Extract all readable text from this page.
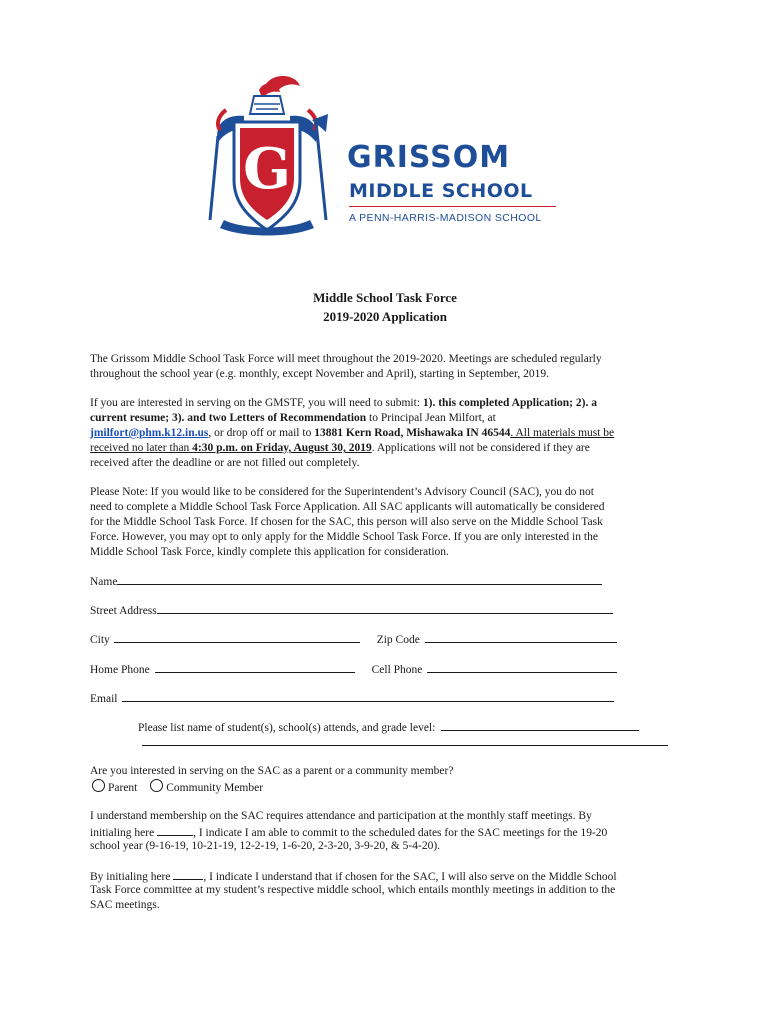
G GRISSOM
MIDDLE SCHOOL
A PENN-HARRIS-MADISON SCHOOL
Middle School Task Force
2019-2020 Application
The Grissom Middle School Task Force will meet throughout the 2019-2020. Meetings are scheduled regularly
throughout the school year (e.g. monthly, except November and April), starting in September, 2019.
If you are interested in serving on the GMSTF, you will need to submit: 1). this completed Application; 2). a
current resume; 3). and two Letters of Recommendation to Principal Jean Milfort, at
jmilfort@phm.k12.in.us, or drop off or mail to 13881 Kern Road, Mishawaka IN 46544. All materials must be
received no later than 4:30 p.m. on Friday, August 30, 2019. Applications will not be considered if they are
received after the deadline or are not filled out completely.
Please Note: If you would like to be considered for the Superintendent’s Advisory Council (SAC), you do not
need to complete a Middle School Task Force Application. All SAC applicants will automatically be considered
for the Middle School Task Force. If chosen for the SAC, this person will also serve on the Middle School Task
Force. However, you may opt to only apply for the Middle School Task Force. If you are only interested in the
Middle School Task Force, kindly complete this application for consideration.
Name
Street Address
City	Zip Code
Home Phone	Cell Phone
Email
Please list name of student(s), school(s) attends, and grade level:
Are you interested in serving on the SAC as a parent or a community member?
Parent	Community Member
I understand membership on the SAC requires attendance and participation at the monthly staff meetings. By
initialing here	, I indicate I am able to commit to the scheduled dates for the SAC meetings for the 19-20
school year (9-16-19, 10-21-19, 12-2-19, 1-6-20, 2-3-20, 3-9-20, & 5-4-20).
By initialing here	, I indicate I understand that if chosen for the SAC, I will also serve on the Middle School
Task Force committee at my student’s respective middle school, which entails monthly meetings in addition to the
SAC meetings.
